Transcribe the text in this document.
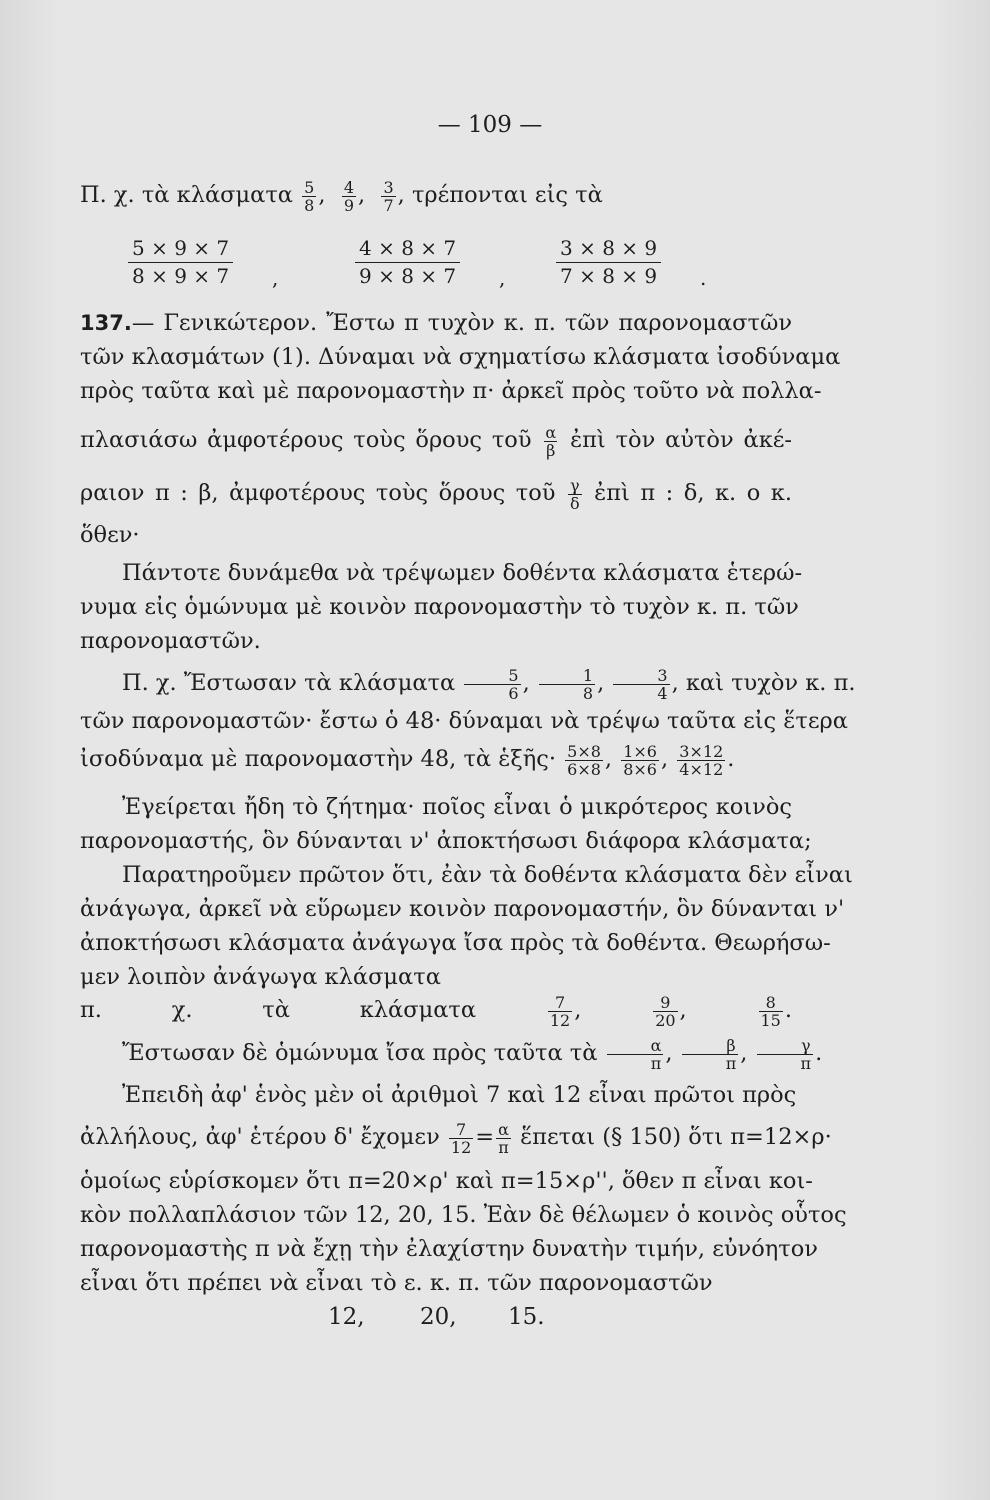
— 109 —
Π. χ. τὰ κλάσματα $\frac{5}{8}$ , $\frac{4}{9}$ , $\frac{3}{7}$ , τρέπονται εἰς τὰ
5 × 9 × 7
8 × 9 × 7 ,
4 × 8 × 7
9 × 8 × 7 ,
3 × 8 × 9
7 × 8 × 9 .
137.— Γενικώτερον. Ἔστω π τυχὸν κ. π. τῶν παρονομαστῶν
τῶν κλασμάτων (1). Δύναμαι νὰ σχηματίσω κλάσματα ἰσοδύναμα
πρὸς ταῦτα καὶ μὲ παρονομαστὴν π· ἀρκεῖ πρὸς τοῦτο νὰ πολλα-
πλασιάσω ἀμφοτέρους τοὺς ὅρους τοῦ $\frac{\alpha}{\beta}$ ἐπὶ τὸν αὐτὸν ἀκέ-
ραιον π : β, ἀμφοτέρους τοὺς ὅρους τοῦ $\frac{\gamma}{\delta}$ ἐπὶ π : δ, κ. ο κ.
ὅθεν·
Πάντοτε δυνάμεθα νὰ τρέψωμεν δοθέντα κλάσματα ἑτερώ-
νυμα εἰς ὁμώνυμα μὲ κοινὸν παρονομαστὴν τὸ τυχὸν κ. π. τῶν
παρονομαστῶν.
Π. χ. Ἔστωσαν τὰ κλάσματα $\frac{5}{6}$ , $\frac{1}{8}$ , $\frac{3}{4}$ , καὶ τυχὸν κ. π.
τῶν παρονομαστῶν· ἔστω ὁ 48· δύναμαι νὰ τρέψω ταῦτα εἰς ἕτερα
ἰσοδύναμα μὲ παρονομαστὴν 48, τὰ ἑξῆς· $\frac{5\times 8}{6\times 8}$ , $\frac{1\times 6}{8\times 6}$ , $\frac{3\times 12}{4\times 12}$ .
Ἐγείρεται ἤδη τὸ ζήτημα· ποῖος εἶναι ὁ μικρότερος κοινὸς
παρονομαστής, ὃν δύνανται ν' ἀποκτήσωσι διάφορα κλάσματα;
Παρατηροῦμεν πρῶτον ὅτι, ἐὰν τὰ δοθέντα κλάσματα δὲν εἶναι
ἀνάγωγα, ἀρκεῖ νὰ εὕρωμεν κοινὸν παρονομαστήν, ὃν δύνανται ν'
ἀποκτήσωσι κλάσματα ἀνάγωγα ἴσα πρὸς τὰ δοθέντα. Θεωρήσω-
μεν λοιπὸν ἀνάγωγα κλάσματα
π. χ. τὰ κλάσματα	$\frac{7}{12}$ , $\frac{9}{20}$ , $\frac{8}{15}$ .
Ἔστωσαν δὲ ὁμώνυμα ἴσα πρὸς ταῦτα τὰ $\frac{\alpha}{\pi}$ , $\frac{\beta}{\pi}$ , $\frac{\gamma}{\pi}$ .
Ἐπειδὴ ἀφ' ἑνὸς μὲν οἱ ἀριθμοὶ 7 καὶ 12 εἶναι πρῶτοι πρὸς
ἀλλήλους, ἀφ' ἑτέρου δ' ἔχομεν $\frac{7}{12} = \frac{\alpha}{\pi}$ ἕπεται (§ 150) ὅτι π=12×ρ·
ὁμοίως εὑρίσκομεν ὅτι π=20×ρ' καὶ π=15×ρ'', ὅθεν π εἶναι κοι-
κὸν πολλαπλάσιον τῶν 12, 20, 15. Ἐὰν δὲ θέλωμεν ὁ κοινὸς οὗτος
παρονομαστὴς π νὰ ἔχῃ τὴν ἐλαχίστην δυνατὴν τιμήν, εὐνόητον
εἶναι ὅτι πρέπει νὰ εἶναι τὸ ε. κ. π. τῶν παρονομαστῶν
12, 20, 15.
